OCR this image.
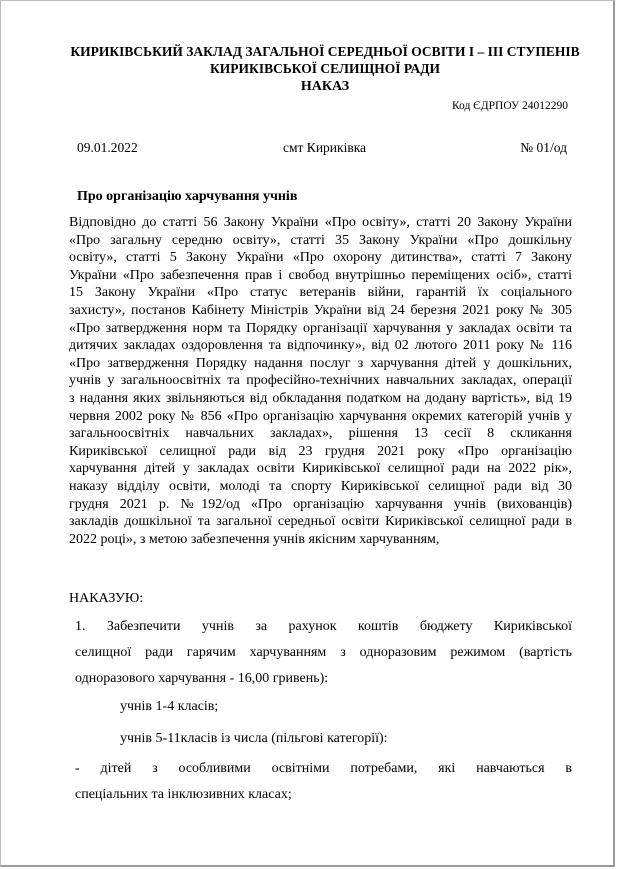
КИРИКІВСЬКИЙ ЗАКЛАД ЗАГАЛЬНОЇ СЕРЕДНЬОЇ ОСВІТИ І – ІІІ СТУПЕНІВ
КИРИКІВСЬКОЇ СЕЛИЩНОЇ РАДИ
НАКАЗ
Код ЄДРПОУ 24012290
09.01.2022	смт Кириківка	№ 01/од
Про організацію харчування учнів
Відповідно до статті 56 Закону України «Про освіту», статті 20 Закону України
«Про загальну середню освіту», статті 35 Закону України «Про дошкільну
освіту», статті 5 Закону України «Про охорону дитинства», статті 7 Закону
України «Про забезпечення прав і свобод внутрішньо переміщених осіб», статті
15 Закону України «Про статус ветеранів війни, гарантій їх соціального
захисту», постанов Кабінету Міністрів України від 24 березня 2021 року № 305
«Про затвердження норм та Порядку організації харчування у закладах освіти та
дитячих закладах оздоровлення та відпочинку», від 02 лютого 2011 року № 116
«Про затвердження Порядку надання послуг з харчування дітей у дошкільних,
учнів у загальноосвітніх та професійно-технічних навчальних закладах, операції
з надання яких звільняються від обкладання податком на додану вартість», від 19
червня 2002 року № 856 «Про організацію харчування окремих категорій учнів у
загальноосвітніх навчальних закладах», рішення 13 сесії 8 скликання
Кириківської селищної ради від 23 грудня 2021 року «Про організацію
харчування дітей у закладах освіти Кириківської селищної ради на 2022 рік»,
наказу відділу освіти, молоді та спорту Кириківської селищної ради від 30
грудня 2021 р. №192/од «Про організацію харчування учнів (вихованців)
закладів дошкільної та загальної середньої освіти Кириківської селищної ради в
2022 році», з метою забезпечення учнів якісним харчуванням,
НАКАЗУЮ:
1. Забезпечити учнів за рахунок коштів бюджету Кириківської
селищної ради гарячим харчуванням з одноразовим режимом (вартість
одноразового харчування - 16,00 гривень):
учнів 1-4 класів;
учнів 5-11класів із числа (пільгові категорії):
- дітей з особливими освітніми потребами, які навчаються в
спеціальних та інклюзивних класах;
